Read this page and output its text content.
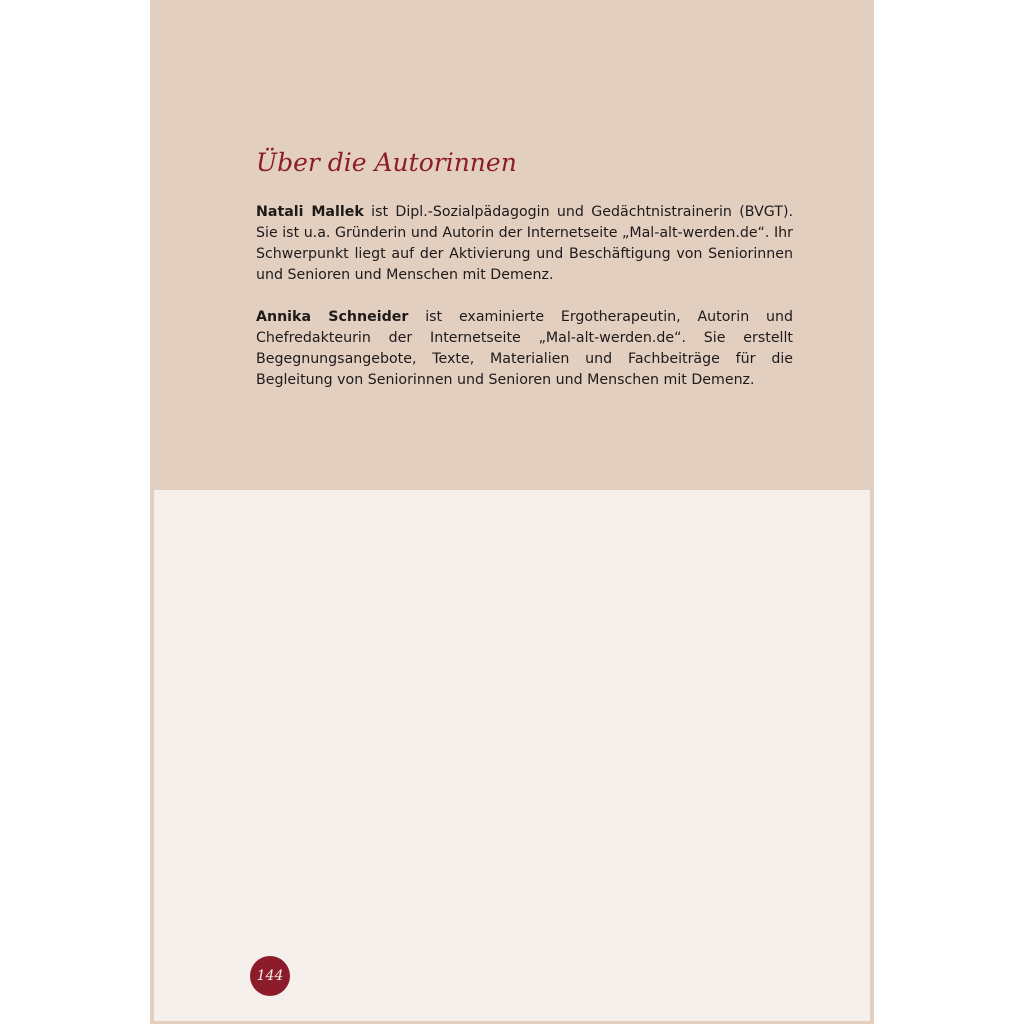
Über die Autorinnen

Natali Mallek ist Dipl.-Sozialpädagogin und Gedächtnistrainerin (BVGT). Sie ist u.a. Gründerin und Autorin der Internetseite „Mal-alt-werden.de“. Ihr Schwerpunkt liegt auf der Aktivierung und Beschäftigung von Seniorinnen und Senioren und Menschen mit Demenz.

Annika Schneider ist examinierte Ergotherapeutin, Autorin und Chefredakteurin der Internetseite „Mal-alt-werden.de“. Sie erstellt Begegnungsangebote, Texte, Materialien und Fachbeiträge für die Begleitung von Seniorinnen und Senioren und Menschen mit Demenz.

144
